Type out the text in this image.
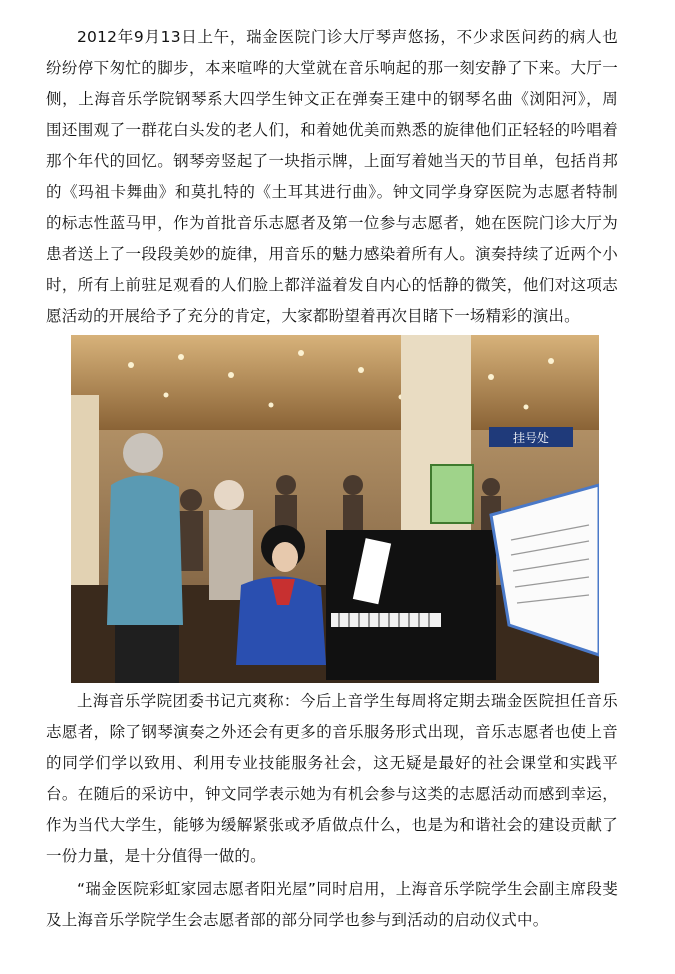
2012年9月13日上午，瑞金医院门诊大厅琴声悠扬，不少求医问药的病人也纷纷停下匆忙的脚步，本来喧哗的大堂就在音乐响起的那一刻安静了下来。大厅一侧，上海音乐学院钢琴系大四学生钟文正在弹奏王建中的钢琴名曲《浏阳河》，周围还围观了一群花白头发的老人们，和着她优美而熟悉的旋律他们正轻轻的吟唱着那个年代的回忆。钢琴旁竖起了一块指示牌，上面写着她当天的节目单，包括肖邦的《玛祖卡舞曲》和莫扎特的《土耳其进行曲》。钟文同学身穿医院为志愿者特制的标志性蓝马甲，作为首批音乐志愿者及第一位参与志愿者，她在医院门诊大厅为患者送上了一段段美妙的旋律，用音乐的魅力感染着所有人。演奏持续了近两个小时，所有上前驻足观看的人们脸上都洋溢着发自内心的恬静的微笑，他们对这项志愿活动的开展给予了充分的肯定，大家都盼望着再次目睹下一场精彩的演出。

挂号处

上海音乐学院团委书记亢爽称：今后上音学生每周将定期去瑞金医院担任音乐志愿者，除了钢琴演奏之外还会有更多的音乐服务形式出现，音乐志愿者也使上音的同学们学以致用、利用专业技能服务社会，这无疑是最好的社会课堂和实践平台。在随后的采访中，钟文同学表示她为有机会参与这类的志愿活动而感到幸运，作为当代大学生，能够为缓解紧张或矛盾做点什么，也是为和谐社会的建设贡献了一份力量，是十分值得一做的。

“瑞金医院彩虹家园志愿者阳光屋”同时启用，上海音乐学院学生会副主席段斐及上海音乐学院学生会志愿者部的部分同学也参与到活动的启动仪式中。
